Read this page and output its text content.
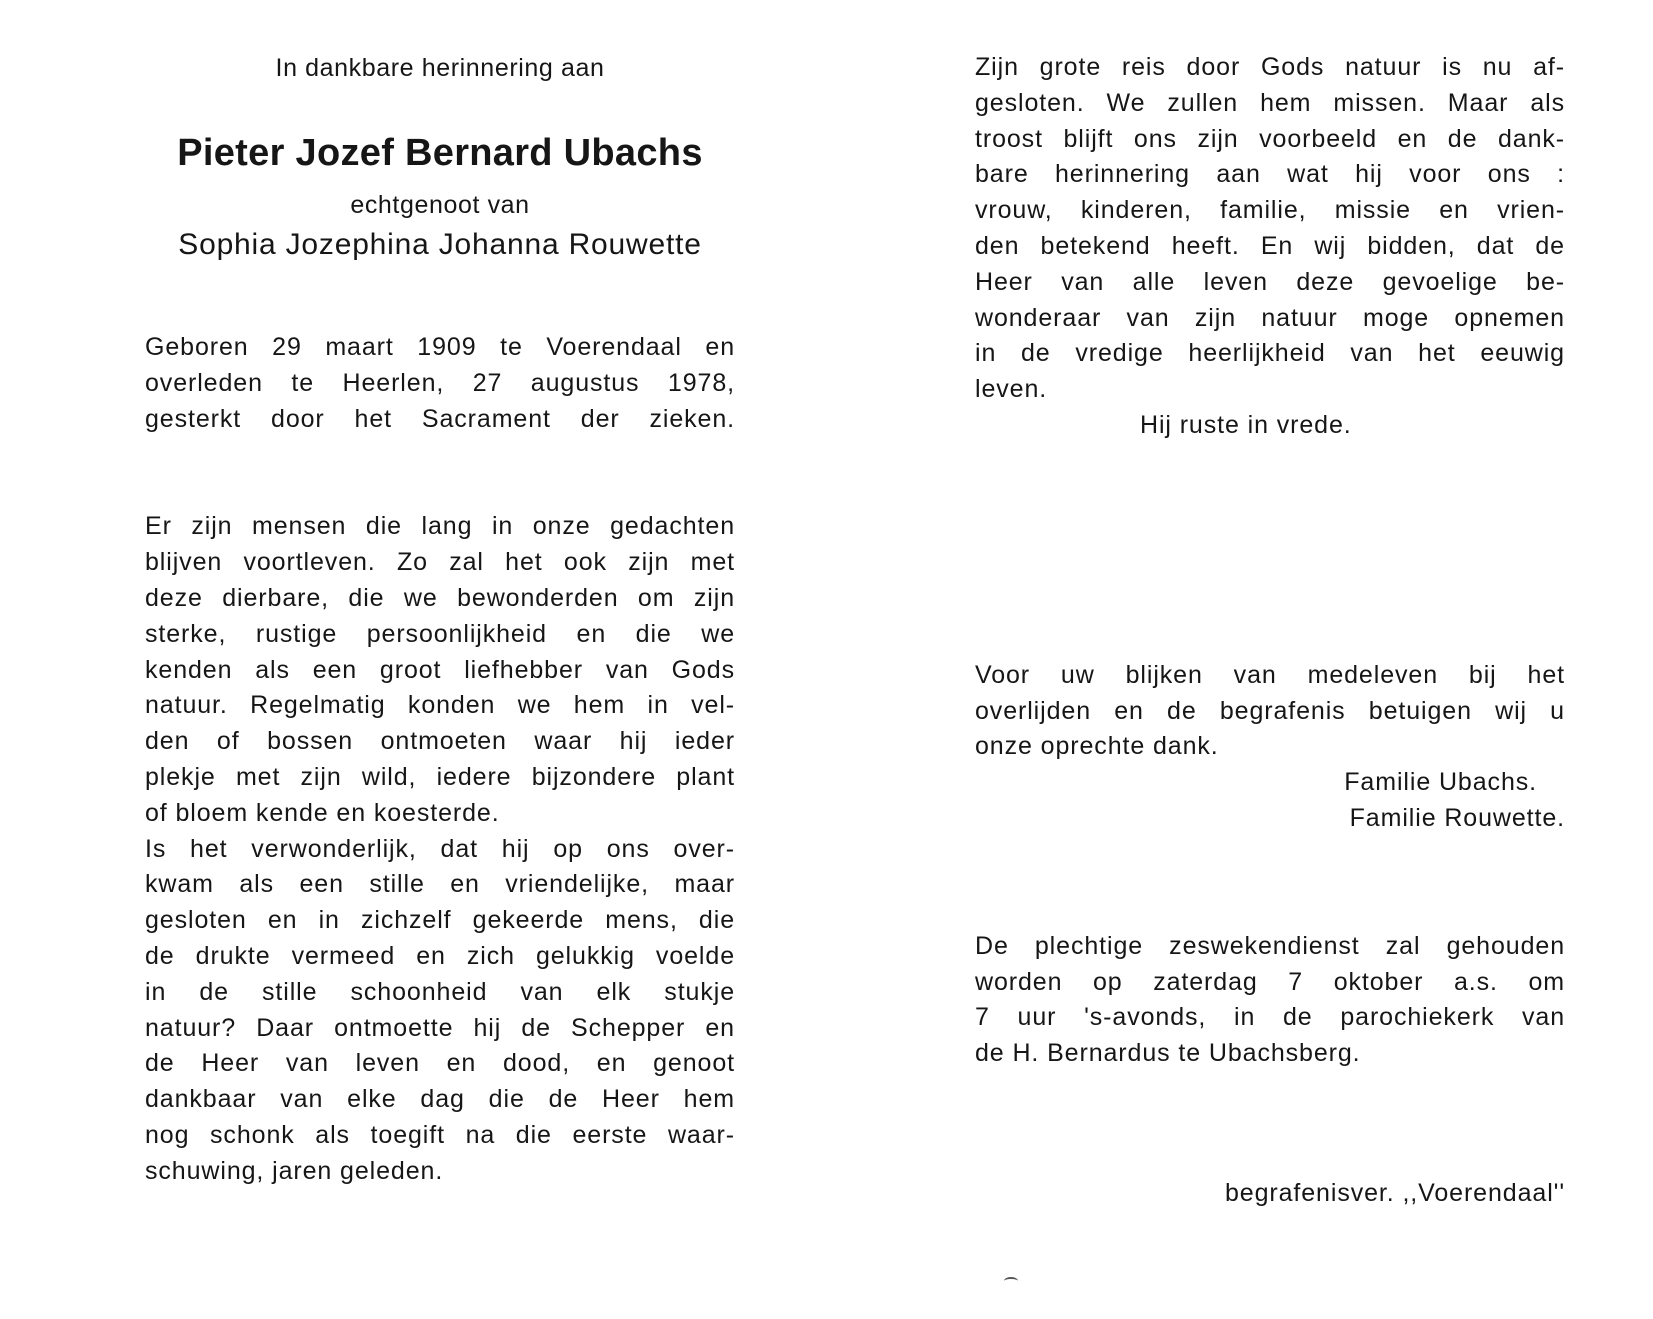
In dankbare herinnering aan

Pieter Jozef Bernard Ubachs

echtgenoot van

Sophia Jozephina Johanna Rouwette

Geboren 29 maart 1909 te Voerendaal en
overleden te Heerlen, 27 augustus 1978,
gesterkt door het Sacrament der zieken.
Er zijn mensen die lang in onze gedachten
blijven voortleven. Zo zal het ook zijn met
deze dierbare, die we bewonderden om zijn
sterke, rustige persoonlijkheid en die we
kenden als een groot liefhebber van Gods
natuur. Regelmatig konden we hem in vel-
den of bossen ontmoeten waar hij ieder
plekje met zijn wild, iedere bijzondere plant
of bloem kende en koesterde.
Is het verwonderlijk, dat hij op ons over-
kwam als een stille en vriendelijke, maar
gesloten en in zichzelf gekeerde mens, die
de drukte vermeed en zich gelukkig voelde
in de stille schoonheid van elk stukje
natuur? Daar ontmoette hij de Schepper en
de Heer van leven en dood, en genoot
dankbaar van elke dag die de Heer hem
nog schonk als toegift na die eerste waar-
schuwing, jaren geleden.
Zijn grote reis door Gods natuur is nu af-
gesloten. We zullen hem missen. Maar als
troost blijft ons zijn voorbeeld en de dank-
bare herinnering aan wat hij voor ons :
vrouw, kinderen, familie, missie en vrien-
den betekend heeft. En wij bidden, dat de
Heer van alle leven deze gevoelige be-
wonderaar van zijn natuur moge opnemen
in de vredige heerlijkheid van het eeuwig
leven.

Hij ruste in vrede.

Voor uw blijken van medeleven bij het
overlijden en de begrafenis betuigen wij u
onze oprechte dank.

Familie Ubachs.

Familie Rouwette.

De plechtige zeswekendienst zal gehouden
worden op zaterdag 7 oktober a.s. om
7 uur 's-avonds, in de parochiekerk van
de H. Bernardus te Ubachsberg.

begrafenisver. ,,Voerendaal''
